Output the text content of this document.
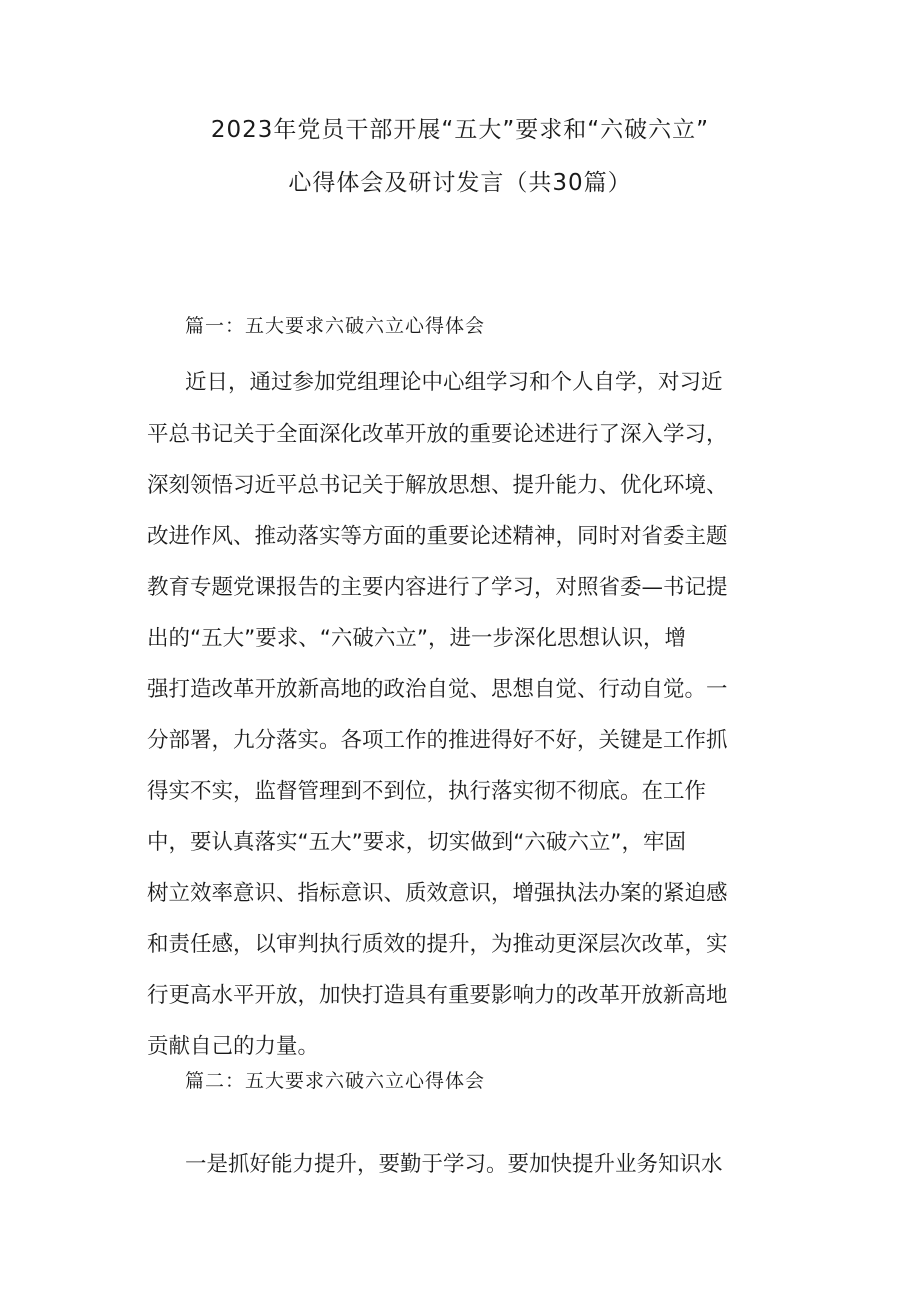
2023年党员干部开展“五大”要求和“六破六立”
心得体会及研讨发言（共30篇）

篇一：五大要求六破六立心得体会

近日，通过参加党组理论中心组学习和个人自学，对习近

平总书记关于全面深化改革开放的重要论述进行了深入学习，

深刻领悟习近平总书记关于解放思想、提升能力、优化环境、

改进作风、推动落实等方面的重要论述精神，同时对省委主题

教育专题党课报告的主要内容进行了学习，对照省委—书记提

出的“五大”要求、“六破六立”，进一步深化思想认识，增

强打造改革开放新高地的政治自觉、思想自觉、行动自觉。一

分部署，九分落实。各项工作的推进得好不好，关键是工作抓

得实不实，监督管理到不到位，执行落实彻不彻底。在工作

中，要认真落实“五大”要求，切实做到“六破六立”，牢固

树立效率意识、指标意识、质效意识，增强执法办案的紧迫感

和责任感，以审判执行质效的提升，为推动更深层次改革，实

行更高水平开放，加快打造具有重要影响力的改革开放新高地

贡献自己的力量。

篇二：五大要求六破六立心得体会

一是抓好能力提升，要勤于学习。要加快提升业务知识水
